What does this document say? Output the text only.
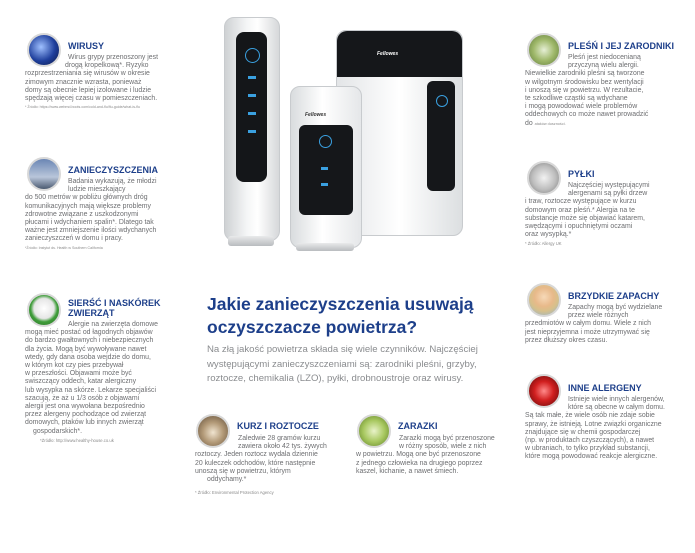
Fellowes
Fellowes
WIRUSY

Wirus grypy przenoszony jest

drogą kropelkową*. Ryzyko

rozprzestrzeniania się wirusów w okresie

zimowym znacznie wzrasta, ponieważ

domy są obecnie lepiej izolowane i ludzie

spędzają więcej czasu w pomieszczeniach.

* Źródło: https://www.webmd.boots.com/cold-and-flu/flu-guide/what-is-flu

ZANIECZYSZCZENIA

Badania wykazują, że młodzi

ludzie mieszkający

do 500 metrów w pobliżu głównych dróg

komunikacyjnych mają większe problemy

zdrowotne związane z uszkodzonymi

płucami i wdychaniem spalin*. Dlatego tak

ważne jest zmniejszenie ilości wdychanych

zanieczyszczeń w domu i pracy.

*Źródło: Instytut ds. Health w Southern California

SIERŚĆ I NASKÓREK
ZWIERZĄT

Alergie na zwierzęta domowe

mogą mieć postać od łagodnych objawów

do bardzo gwałtownych i niebezpiecznych

dla życia. Mogą być wywoływane nawet

wtedy, gdy dana osoba wejdzie do domu,

w którym kot czy pies przebywał

w przeszłości. Objawami może być

swiszczący oddech, katar alergiczny

lub wysypka na skórze. Lekarze specjaliści

szacują, że aż u 1/3 osób z objawami

alergii jest ona wywołana bezpośrednio

przez alergeny pochodzące od zwierząt

domowych, ptaków lub innych zwierząt

gospodarskich*.

*Źródło: http://www.healthy-house.co.uk

PLEŚŃ I JEJ ZARODNIKI

Pleśń jest niedocenianą

przyczyną wielu alergii.

Niewielkie zarodniki pleśni są tworzone

w wilgotnym środowisku bez wentylacji

i unoszą się w powietrzu. W rezultacie,

te szkodliwe cząstki są wdychane

i mogą powodować wiele problemów

oddechowych co może nawet prowadzić

do ataków duszności.

PYŁKI

Najczęściej występującymi

alergenami są pyłki drzew

i traw, roztocze występujące w kurzu

domowym oraz pleśń.* Alergia na te

substancje może się objawiać katarem,

swędzącymi i opuchniętymi oczami

oraz wysypką.*

* Źródło: Allergy UK

BRZYDKIE ZAPACHY

Zapachy mogą być wydzielane

przez wiele różnych

przedmiotów w całym domu. Wiele z nich

jest nieprzyjemna i może utrzymywać się

przez dłuższy okres czasu.

INNE ALERGENY

Istnieje wiele innych alergenów,

które są obecne w całym domu.

Są tak małe, że wiele osób nie zdaje sobie

sprawy, że istnieją. Lotne związki organiczne

znajdujące się w chemii gospodarczej

(np. w produktach czyszczących), a nawet

w ubraniach, to tylko przykład substancji,

które mogą powodować reakcje alergiczne.

Jakie zanieczyszczenia usuwają oczyszczacze powietrza?
Na złą jakość powietrza składa się wiele czynników. Najczęściej występującymi zanieczyszczeniami są: zarodniki pleśni, grzyby, roztocze, chemikalia (LZO), pyłki, drobnoustroje oraz wirusy.
KURZ I ROZTOCZE

Zaledwie 28 gramów kurzu

zawiera około 42 tys. żywych

roztoczy. Jeden roztocz wydala dziennie

20 kuleczek odchodów, które następnie

unoszą się w powietrzu, którym

oddychamy.*

* Źródło: Environmental Protection Agency

ZARAZKI

Zarazki mogą być przenoszone

w różny sposób, wiele z nich

w powietrzu. Mogą one być przenoszone

z jednego człowieka na drugiego poprzez

kaszel, kichanie, a nawet śmiech.
